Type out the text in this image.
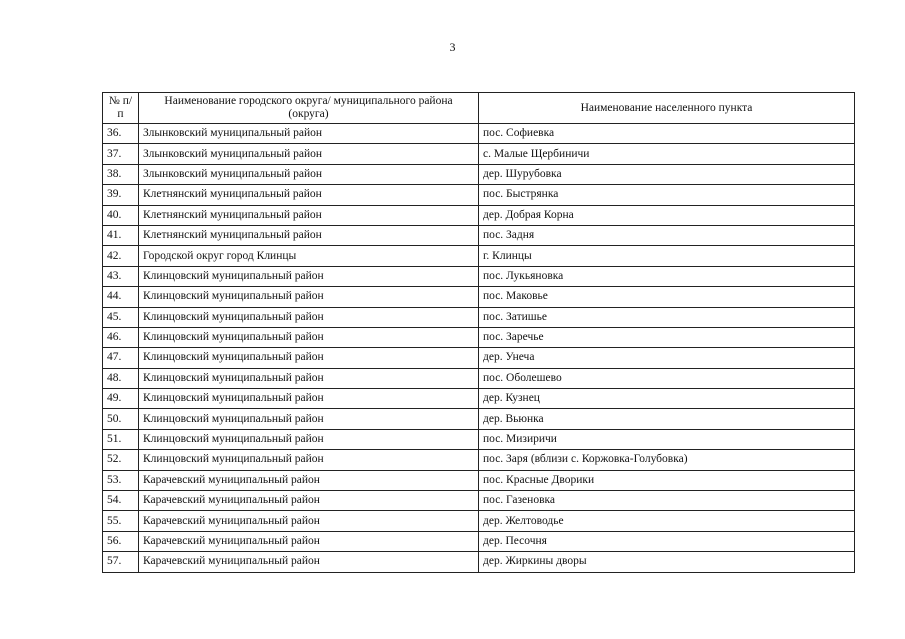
3
№ п/п	Наименование городского округа/ муниципального района (округа)	Наименование населенного пункта
36.	Злынковский муниципальный район	пос. Софиевка
37.	Злынковский муниципальный район	с. Малые Щербиничи
38.	Злынковский муниципальный район	дер. Шурубовка
39.	Клетнянский муниципальный район	пос. Быстрянка
40.	Клетнянский муниципальный район	дер. Добрая Корна
41.	Клетнянский муниципальный район	пос. Задня
42.	Городской округ город Клинцы	г. Клинцы
43.	Клинцовский муниципальный район	пос. Лукьяновка
44.	Клинцовский муниципальный район	пос. Маковье
45.	Клинцовский муниципальный район	пос. Затишье
46.	Клинцовский муниципальный район	пос. Заречье
47.	Клинцовский муниципальный район	дер. Унеча
48.	Клинцовский муниципальный район	пос. Оболешево
49.	Клинцовский муниципальный район	дер. Кузнец
50.	Клинцовский муниципальный район	дер. Вьюнка
51.	Клинцовский муниципальный район	пос. Мизиричи
52.	Клинцовский муниципальный район	пос. Заря (вблизи с. Коржовка-Голубовка)
53.	Карачевский муниципальный район	пос. Красные Дворики
54.	Карачевский муниципальный район	пос. Газеновка
55.	Карачевский муниципальный район	дер. Желтоводье
56.	Карачевский муниципальный район	дер. Песочня
57.	Карачевский муниципальный район	дер. Жиркины дворы
